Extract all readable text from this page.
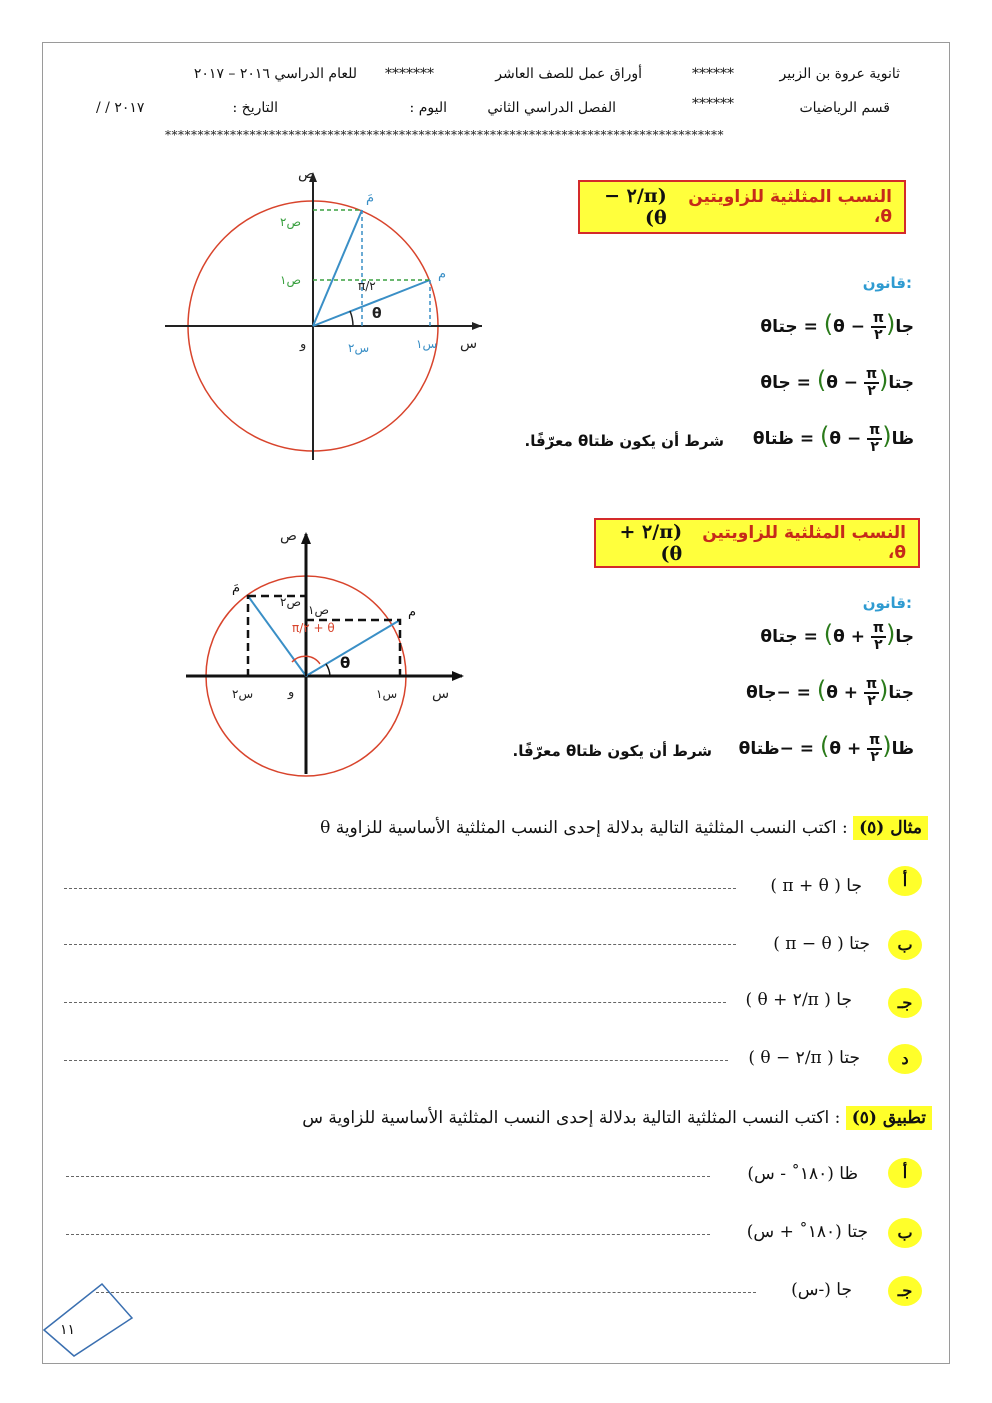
ثانوية عروة بن الزبير
******
أوراق عمل للصف العاشر
*******
للعام الدراسي ٢٠١٦ – ٢٠١٧
قسم الرياضيات
******
الفصل الدراسي الثاني
اليوم :
التاريخ :
/ / ٢٠١٧
**************************************************************************************
ص
س
و
م
مَ
ص١
ص٢
س١
س٢
θ
π/٢
النسب المثلثية للزاويتين θ،
(π/٢ − θ)
قانون:
جا(
$\frac{\pi}{٢}$
− θ) = جتاθ
جتا(
$\frac{\pi}{٢}$
− θ) = جاθ
ظا(
$\frac{\pi}{٢}$
− θ) = ظتاθ
شرط أن يكون ظتاθ معرّفًا.
ص
س
و
م
مَ
ص١
ص٢
س١
س٢
θ
π/٢ + θ
النسب المثلثية للزاويتين θ،
(π/٢ + θ)
قانون:
جا(
$\frac{\pi}{٢}$
+ θ) = جتاθ
جتا(
$\frac{\pi}{٢}$
+ θ) = −جاθ
ظا(
$\frac{\pi}{٢}$
+ θ) = −ظتاθ
شرط أن يكون ظتاθ معرّفًا.
مثال (٥) : اكتب النسب المثلثية التالية بدلالة إحدى النسب المثلثية الأساسية للزاوية θ
أ
جا ( π + θ )
ب
جتا ( π − θ )
جـ
جا ( π/٢ + θ )
د
جتا ( π/٢ − θ )
تطبيق (٥) : اكتب النسب المثلثية التالية بدلالة إحدى النسب المثلثية الأساسية للزاوية س
أ
ظا (١٨٠˚ - س)
ب
جتا (١٨٠˚ + س)
جـ
جا (-س)
١١
